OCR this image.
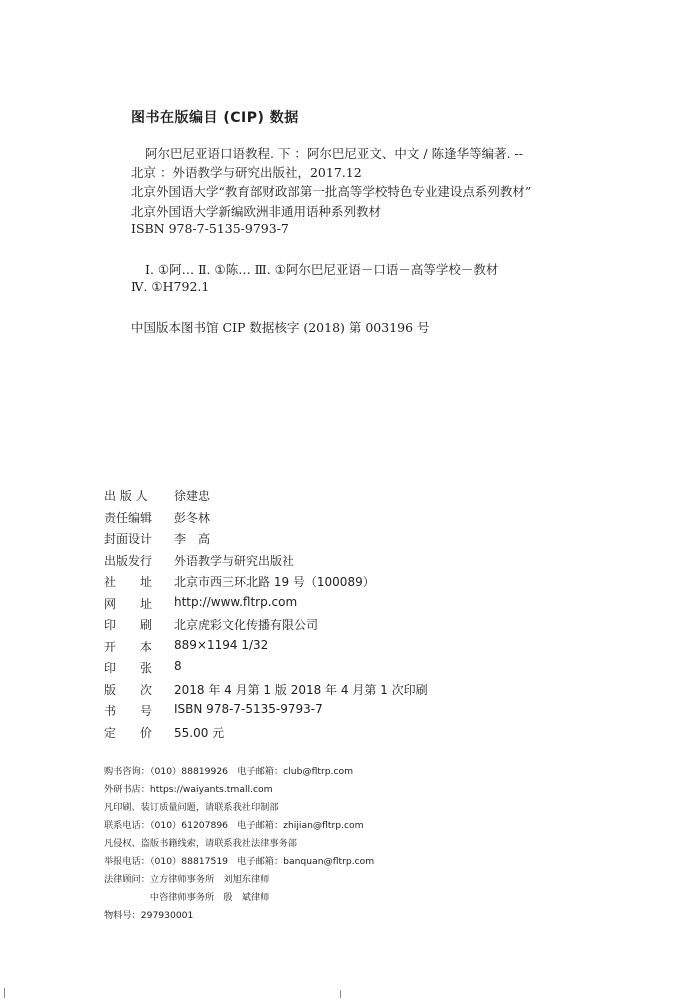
图书在版编目 (CIP) 数据
阿尔巴尼亚语口语教程. 下 ：阿尔巴尼亚文、中文 / 陈逢华等编著. --
北京 ：外语教学与研究出版社，2017.12
北京外国语大学“教育部财政部第一批高等学校特色专业建设点系列教材”
北京外国语大学新编欧洲非通用语种系列教材
ISBN 978-7-5135-9793-7
Ⅰ. ①阿… Ⅱ. ①陈… Ⅲ. ①阿尔巴尼亚语－口语－高等学校－教材
Ⅳ. ①H792.1
中国版本图书馆 CIP 数据核字 (2018) 第 003196 号
出 版 人	徐建忠
责任编辑	彭冬林
封面设计	李　高
出版发行	外语教学与研究出版社
社　　址	北京市西三环北路 19 号（100089）
网　　址	http://www.fltrp.com
印　　刷	北京虎彩文化传播有限公司
开　　本	889×1194 1/32
印　　张	8
版　　次	2018 年 4 月第 1 版 2018 年 4 月第 1 次印刷
书　　号	ISBN 978-7-5135-9793-7
定　　价	55.00 元
购书咨询：（010）88819926　电子邮箱：club@fltrp.com
外研书店：https://waiyants.tmall.com
凡印刷、装订质量问题，请联系我社印制部
联系电话：（010）61207896　电子邮箱：zhijian@fltrp.com
凡侵权、盗版书籍线索，请联系我社法律事务部
举报电话：（010）88817519　电子邮箱：banquan@fltrp.com
法律顾问：立方律师事务所　刘旭东律师
　　　　　中咨律师事务所　殷　斌律师
物料号：297930001
